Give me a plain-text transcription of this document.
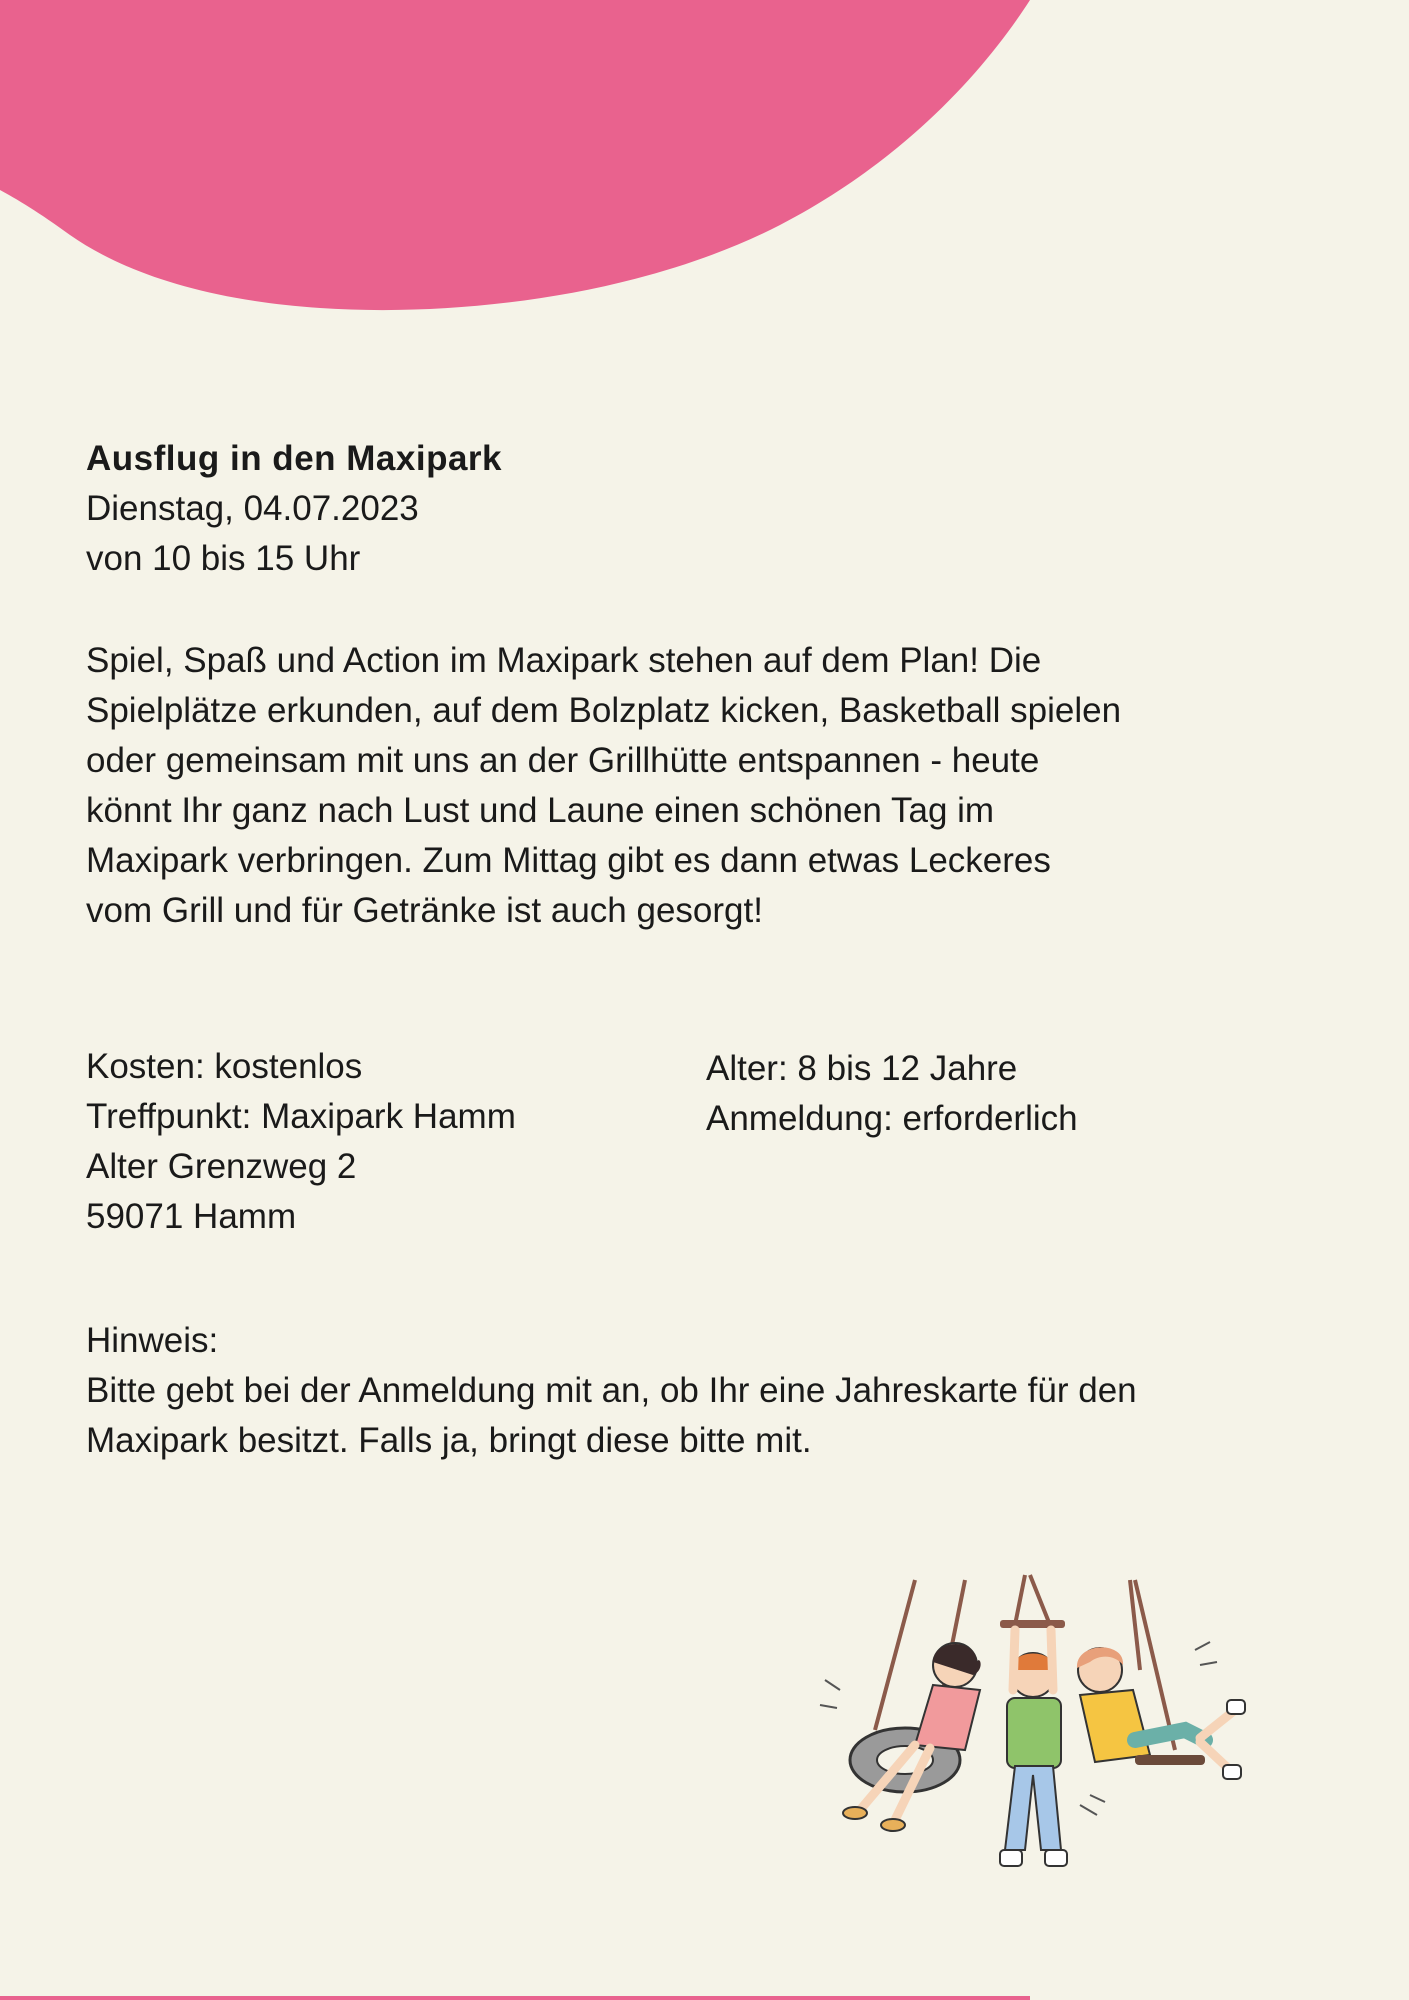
Ausflug in den Maxipark

Dienstag, 04.07.2023

von 10 bis 15 Uhr

Spiel, Spaß und Action im Maxipark stehen auf dem Plan! Die

Spielplätze erkunden, auf dem Bolzplatz kicken, Basketball spielen

oder gemeinsam mit uns an der Grillhütte entspannen - heute

könnt Ihr ganz nach Lust und Laune einen schönen Tag im

Maxipark verbringen. Zum Mittag gibt es dann etwas Leckeres

vom Grill und für Getränke ist auch gesorgt!

Kosten: kostenlos

Treffpunkt: Maxipark Hamm

Alter Grenzweg 2

59071 Hamm

Alter: 8 bis 12 Jahre

Anmeldung: erforderlich

Hinweis:

Bitte gebt bei der Anmeldung mit an, ob Ihr eine Jahreskarte für den

Maxipark besitzt. Falls ja, bringt diese bitte mit.
